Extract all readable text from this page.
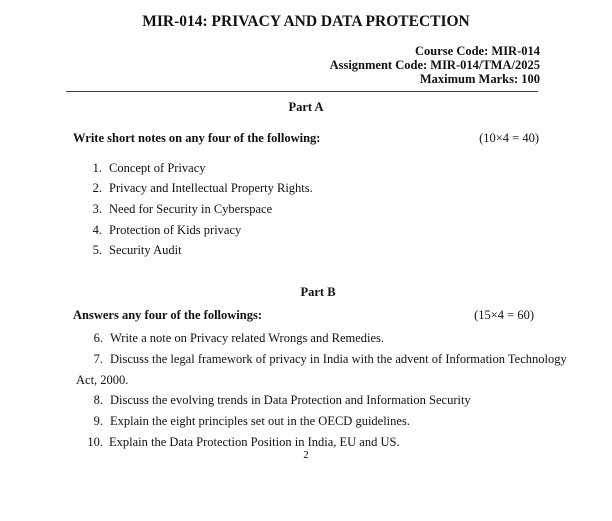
MIR-014: PRIVACY AND DATA PROTECTION
Course Code: MIR-014
Assignment Code: MIR-014/TMA/2025
Maximum Marks: 100
Part A
Write short notes on any four of the following:	(10×4 = 40)
1. Concept of Privacy
2. Privacy and Intellectual Property Rights.
3. Need for Security in Cyberspace
4. Protection of Kids privacy
5. Security Audit
Part B
Answers any four of the followings:	(15×4 = 60)
6. Write a note on Privacy related Wrongs and Remedies.
7. Discuss the legal framework of privacy in India with the advent of Information Technology
Act, 2000.
8. Discuss the evolving trends in Data Protection and Information Security
9. Explain the eight principles set out in the OECD guidelines.
10. Explain the Data Protection Position in India, EU and US.
2
